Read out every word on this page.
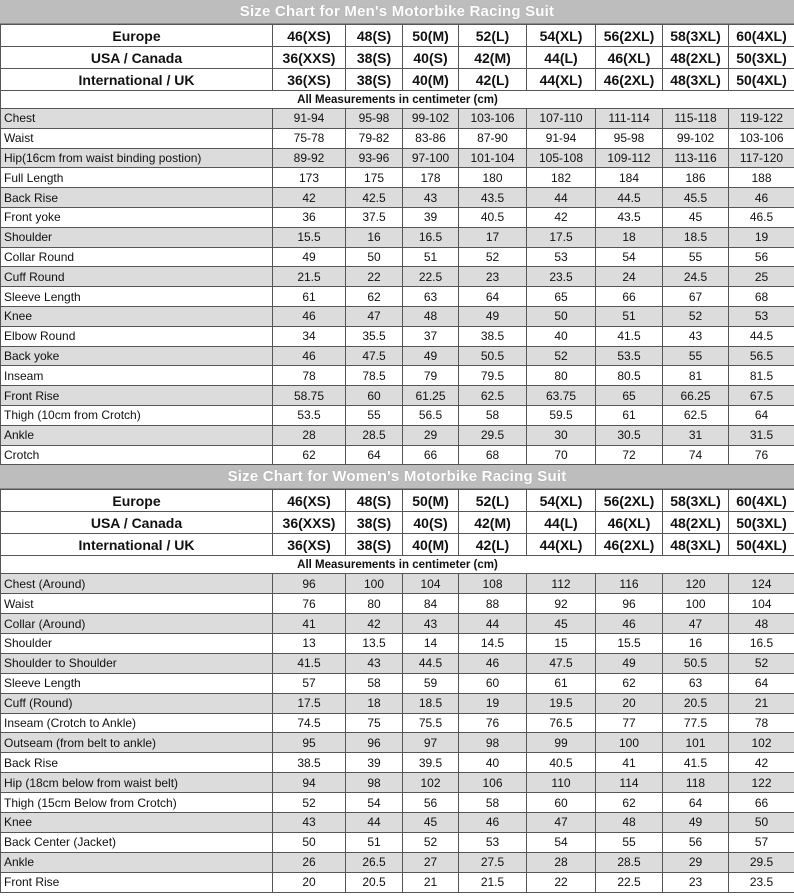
Size Chart for Men's Motorbike Racing Suit
Europe	46(XS)	48(S)	50(M)	52(L)	54(XL)	56(2XL)	58(3XL)	60(4XL)
USA / Canada	36(XXS)	38(S)	40(S)	42(M)	44(L)	46(XL)	48(2XL)	50(3XL)
International / UK	36(XS)	38(S)	40(M)	42(L)	44(XL)	46(2XL)	48(3XL)	50(4XL)
All Measurements in centimeter (cm)								
Chest	91-94	95-98	99-102	103-106	107-110	111-114	115-118	119-122
Waist	75-78	79-82	83-86	87-90	91-94	95-98	99-102	103-106
Hip(16cm from waist binding postion)	89-92	93-96	97-100	101-104	105-108	109-112	113-116	117-120
Full Length	173	175	178	180	182	184	186	188
Back Rise	42	42.5	43	43.5	44	44.5	45.5	46
Front yoke	36	37.5	39	40.5	42	43.5	45	46.5
Shoulder	15.5	16	16.5	17	17.5	18	18.5	19
Collar Round	49	50	51	52	53	54	55	56
Cuff Round	21.5	22	22.5	23	23.5	24	24.5	25
Sleeve Length	61	62	63	64	65	66	67	68
Knee	46	47	48	49	50	51	52	53
Elbow Round	34	35.5	37	38.5	40	41.5	43	44.5
Back yoke	46	47.5	49	50.5	52	53.5	55	56.5
Inseam	78	78.5	79	79.5	80	80.5	81	81.5
Front Rise	58.75	60	61.25	62.5	63.75	65	66.25	67.5
Thigh (10cm from Crotch)	53.5	55	56.5	58	59.5	61	62.5	64
Ankle	28	28.5	29	29.5	30	30.5	31	31.5
Crotch	62	64	66	68	70	72	74	76
Size Chart for Women's Motorbike Racing Suit
Europe	46(XS)	48(S)	50(M)	52(L)	54(XL)	56(2XL)	58(3XL)	60(4XL)
USA / Canada	36(XXS)	38(S)	40(S)	42(M)	44(L)	46(XL)	48(2XL)	50(3XL)
International / UK	36(XS)	38(S)	40(M)	42(L)	44(XL)	46(2XL)	48(3XL)	50(4XL)
All Measurements in centimeter (cm)								
Chest (Around)	96	100	104	108	112	116	120	124
Waist	76	80	84	88	92	96	100	104
Collar (Around)	41	42	43	44	45	46	47	48
Shoulder	13	13.5	14	14.5	15	15.5	16	16.5
Shoulder to Shoulder	41.5	43	44.5	46	47.5	49	50.5	52
Sleeve Length	57	58	59	60	61	62	63	64
Cuff (Round)	17.5	18	18.5	19	19.5	20	20.5	21
Inseam (Crotch to Ankle)	74.5	75	75.5	76	76.5	77	77.5	78
Outseam (from belt to ankle)	95	96	97	98	99	100	101	102
Back Rise	38.5	39	39.5	40	40.5	41	41.5	42
Hip (18cm below from waist belt)	94	98	102	106	110	114	118	122
Thigh (15cm Below from Crotch)	52	54	56	58	60	62	64	66
Knee	43	44	45	46	47	48	49	50
Back Center (Jacket)	50	51	52	53	54	55	56	57
Ankle	26	26.5	27	27.5	28	28.5	29	29.5
Front Rise	20	20.5	21	21.5	22	22.5	23	23.5
